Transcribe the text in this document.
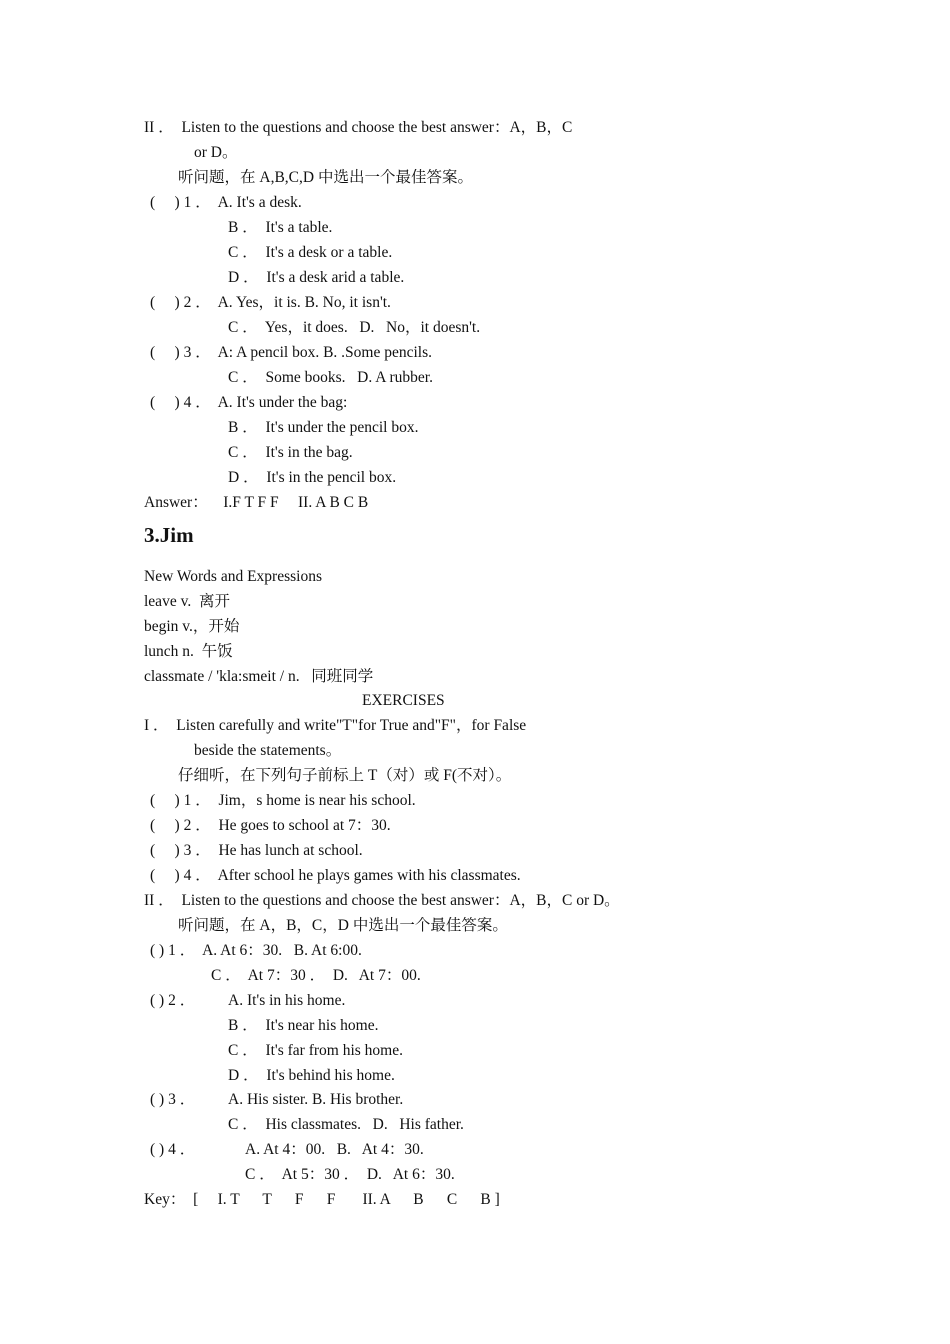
II ．  Listen to the questions and choose the best answer：A，B，C
or D。
听问题，在 A,B,C,D 中选出一个最佳答案。
(     ) 1 ．  A. It's a desk.
B ．  It's a table.
C ．  It's a desk or a table.
D ．  It's a desk arid a table.
(     ) 2 ．  A. Yes，it is. B. No, it isn't.
C ．  Yes，it does.   D.   No，it doesn't.
(     ) 3 ．  A: A pencil box. B. .Some pencils.
C ．  Some books.   D. A rubber.
(     ) 4 ．  A. It's under the bag:
B ．  It's under the pencil box.
C ．  It's in the bag.
D ．  It's in the pencil box.
Answer：    I.F T F F     II. A B C B
3.Jim
New Words and Expressions
leave v.  离开
begin v.，开始
lunch n.  午饭
classmate / 'kla:smeit / n.   同班同学
EXERCISES
I ．  Listen carefully and write"T"for True and"F"，for False
beside the statements。
仔细听，在下列句子前标上 T（对）或 F(不对）。
(     ) 1 ．  Jim，s home is near his school.
(     ) 2 ．  He goes to school at 7：30.
(     ) 3 ．  He has lunch at school.
(     ) 4 ．  After school he plays games with his classmates.
II ．  Listen to the questions and choose the best answer：A，B，C or D。
听问题，在 A，B，C，D 中选出一个最佳答案。
( ) 1 ．  A. At 6：30.   B. At 6:00.
C ．  At 7：30 ．  D.   At 7：00.
( ) 2 ． A. It's in his home.
B ．  It's near his home.
C ．  It's far from his home.
D ．  It's behind his home.
( ) 3 ． A. His sister. B. His brother.
C ．  His classmates.   D.   His father.
( ) 4 ．	A. At 4：00.   B.   At 4：30.
C ．  At 5：30 ．  D.   At 6：30.
Key：  [     I. T      T      F      F       II. A      B      C      B ]
